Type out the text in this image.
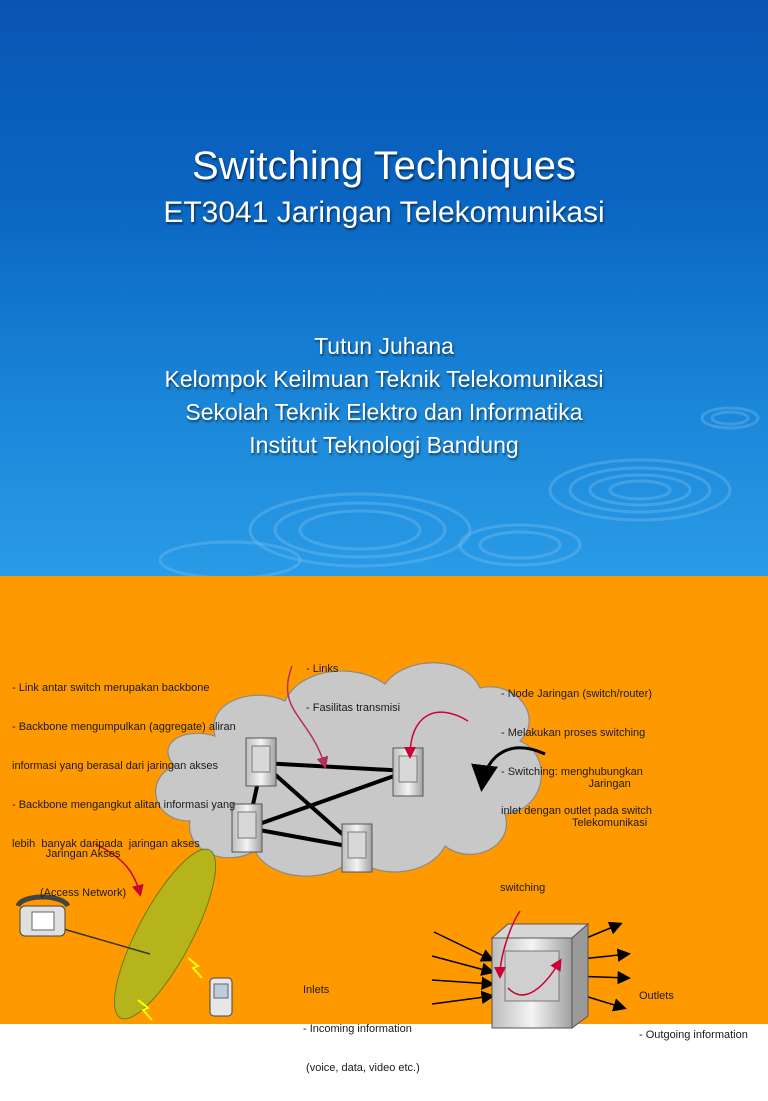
Switching Techniques
ET3041 Jaringan Telekomunikasi
Tutun Juhana
Kelompok Keilmuan Teknik Telekomunikasi
Sekolah Teknik Elektro dan Informatika
Institut Teknologi Bandung

- Link antar switch merupakan backbone

- Backbone mengumpulkan (aggregate) aliran

informasi yang berasal dari jaringan akses

- Backbone mengangkut alitan informasi yang

lebih  banyak daripada  jaringan akses

- Links

- Fasilitas transmisi

- Node Jaringan (switch/router)

- Melakukan proses switching

- Switching: menghubungkan

inlet dengan outlet pada switch

Jaringan

Telekomunikasi

Jaringan Akses

(Access Network)

	switching

Inlets

- Incoming information

(voice, data, video etc.)

Outlets

- Outgoing information
